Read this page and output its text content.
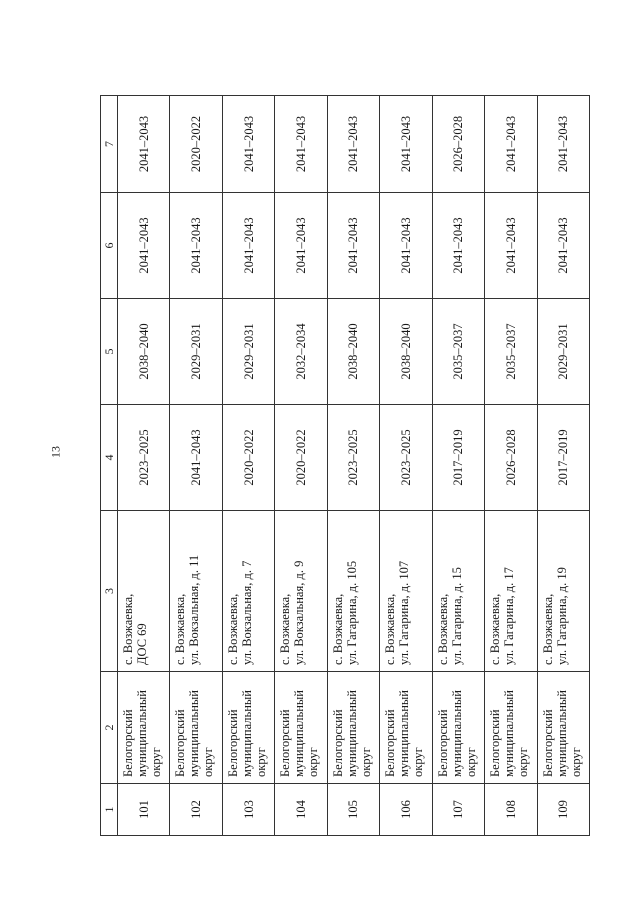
13
1	2	3	4	5	6	7
101	Белогорский муниципальный округ	с. Возжаевка, ДОС 69	2023–2025	2038–2040	2041–2043	2041–2043
102	Белогорский муниципальный округ	с. Возжаевка, ул. Вокзальная, д. 11	2041–2043	2029–2031	2041–2043	2020–2022
103	Белогорский муниципальный округ	с. Возжаевка, ул. Вокзальная, д. 7	2020–2022	2029–2031	2041–2043	2041–2043
104	Белогорский муниципальный округ	с. Возжаевка, ул. Вокзальная, д. 9	2020–2022	2032–2034	2041–2043	2041–2043
105	Белогорский муниципальный округ	с. Возжаевка, ул. Гагарина, д. 105	2023–2025	2038–2040	2041–2043	2041–2043
106	Белогорский муниципальный округ	с. Возжаевка, ул. Гагарина, д. 107	2023–2025	2038–2040	2041–2043	2041–2043
107	Белогорский муниципальный округ	с. Возжаевка, ул. Гагарина, д. 15	2017–2019	2035–2037	2041–2043	2026–2028
108	Белогорский муниципальный округ	с. Возжаевка, ул. Гагарина, д. 17	2026–2028	2035–2037	2041–2043	2041–2043
109	Белогорский муниципальный округ	с. Возжаевка, ул. Гагарина, д. 19	2017–2019	2029–2031	2041–2043	2041–2043
